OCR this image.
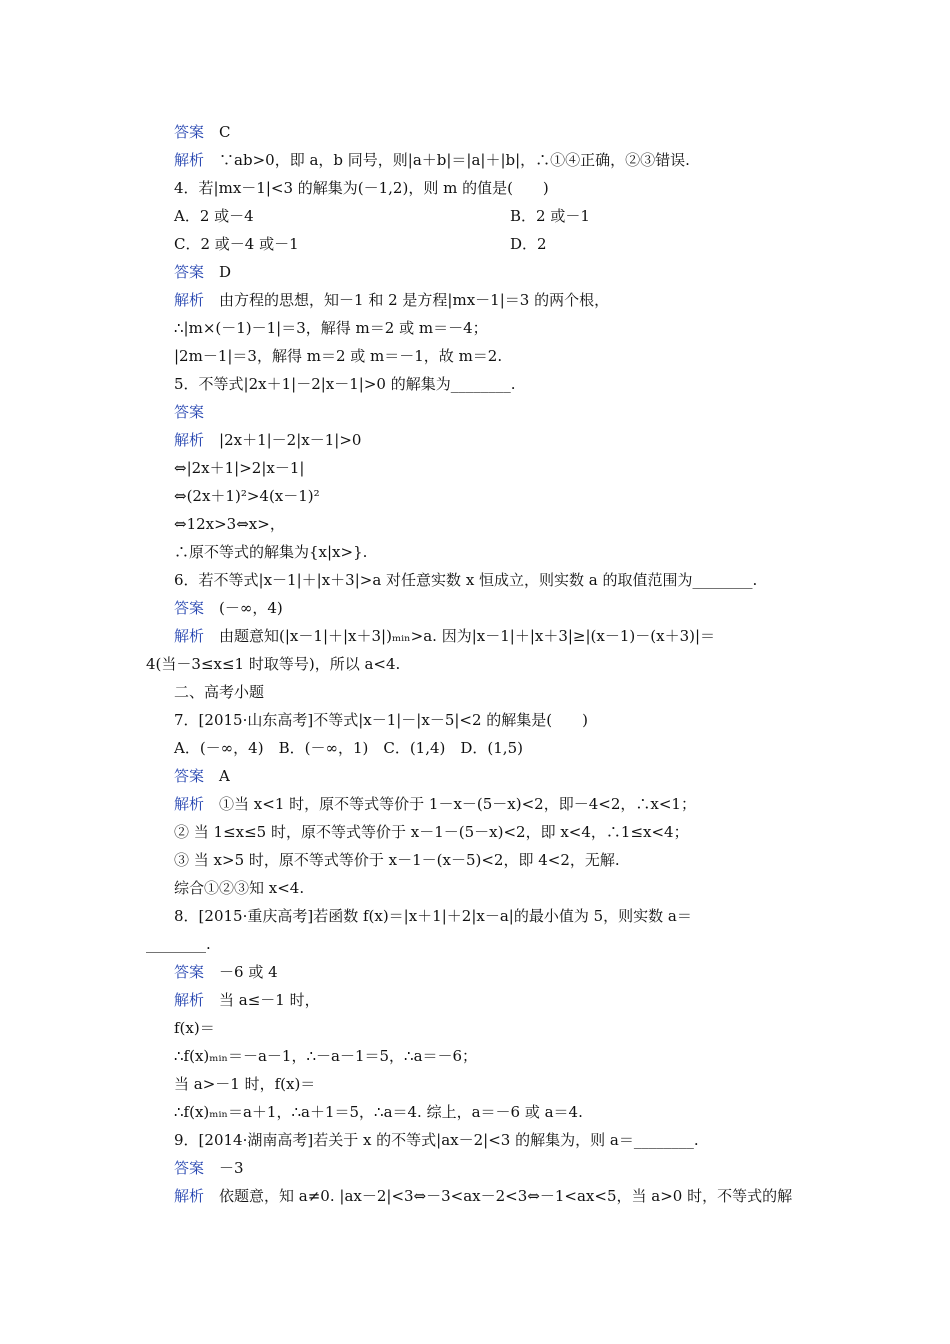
答案　 C
解析　 ∵ab>0，即 a，b 同号，则|a＋b|＝|a|＋|b|，∴①④正确，②③错误.
4．若|mx－1|<3 的解集为(－1,2)，则 m 的值是(　　)
A．2 或－4	B．2 或－1
C．2 或－4 或－1	D．2
答案　 D
解析　 由方程的思想，知－1 和 2 是方程|mx－1|＝3 的两个根，
∴|m×(－1)－1|＝3，解得 m＝2 或 m＝－4；
|2m－1|＝3，解得 m＝2 或 m＝－1，故 m＝2.
5．不等式|2x＋1|－2|x－1|>0 的解集为________.
答案　
解析　 |2x＋1|－2|x－1|>0
⇔|2x＋1|>2|x－1|
⇔(2x＋1)²>4(x－1)²
⇔12x>3⇔x>，
∴原不等式的解集为{x|x>}.
6．若不等式|x－1|＋|x＋3|>a 对任意实数 x 恒成立，则实数 a 的取值范围为________.
答案　 (－∞，4)
解析　 由题意知(|x－1|＋|x＋3|)ₘᵢₙ>a. 因为|x－1|＋|x＋3|≥|(x－1)－(x＋3)|＝
4(当－3≤x≤1 时取等号)，所以 a<4.
二、高考小题
7．[2015·山东高考]不等式|x－1|－|x－5|<2 的解集是(　　)
A．(－∞，4)　B．(－∞，1)　C．(1,4)　D．(1,5)
答案　 A
解析　 ①当 x<1 时，原不等式等价于 1－x－(5－x)<2，即－4<2，∴x<1；
② 当 1≤x≤5 时，原不等式等价于 x－1－(5－x)<2，即 x<4，∴1≤x<4；
③ 当 x>5 时，原不等式等价于 x－1－(x－5)<2，即 4<2，无解.
综合①②③知 x<4.
8．[2015·重庆高考]若函数 f(x)＝|x＋1|＋2|x－a|的最小值为 5，则实数 a＝
________.
答案　 －6 或 4
解析　 当 a≤－1 时，
f(x)＝
∴f(x)ₘᵢₙ＝－a－1，∴－a－1＝5，∴a＝－6；
当 a>－1 时，f(x)＝
∴f(x)ₘᵢₙ＝a＋1，∴a＋1＝5，∴a＝4. 综上，a＝－6 或 a＝4.
9．[2014·湖南高考]若关于 x 的不等式|ax－2|<3 的解集为，则 a＝________.
答案　 －3
解析　 依题意，知 a≠0. |ax－2|<3⇔－3<ax－2<3⇔－1<ax<5，当 a>0 时，不等式的解
